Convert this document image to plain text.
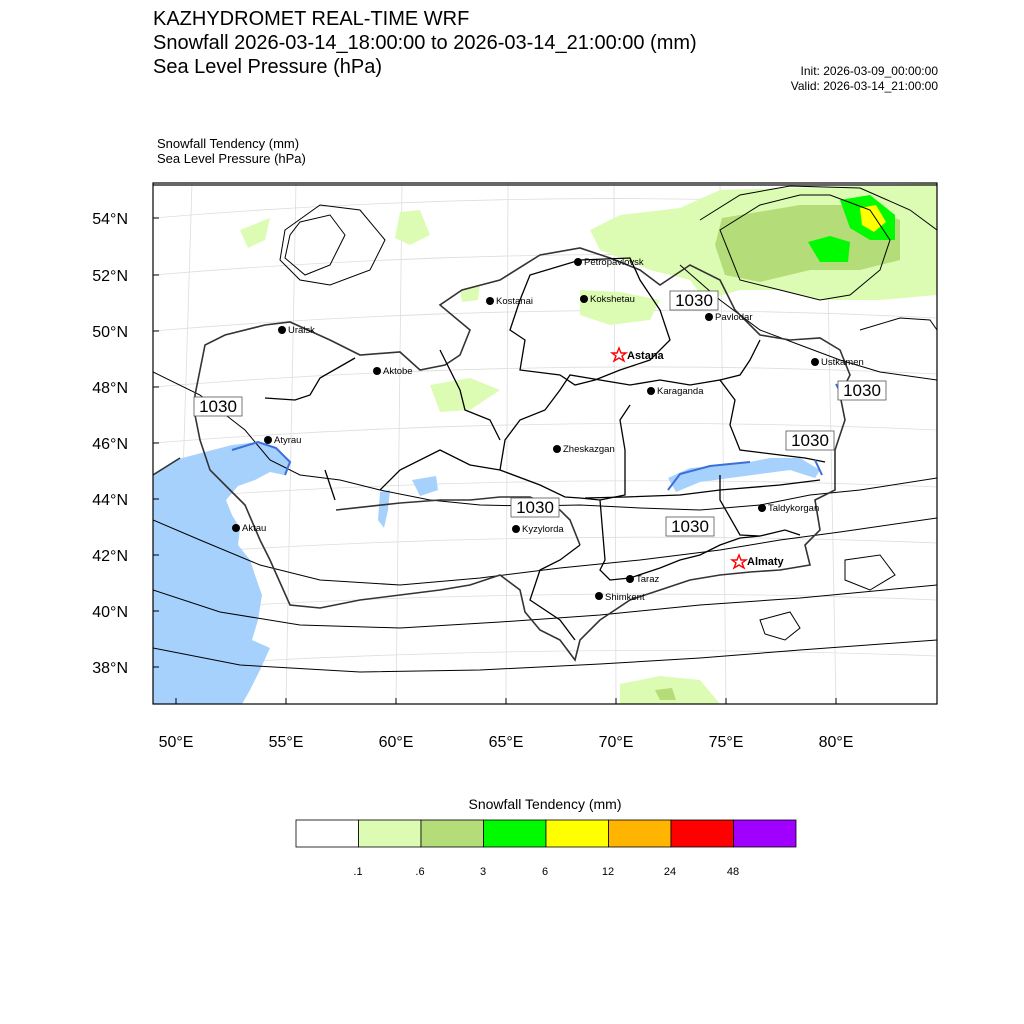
KAZHYDROMET REAL-TIME WRF
Snowfall 2026-03-14_18:00:00 to 2026-03-14_21:00:00 (mm)
Sea Level Pressure (hPa)	Init: 2026-03-09_00:00:00
Valid: 2026-03-14_21:00:00
Snowfall Tendency (mm)
Sea Level Pressure (hPa)
54°N
52°N
50°N
48°N
46°N
44°N
42°N
40°N
38°N
50°E	55°E	60°E	65°E	70°E	75°E	80°E
1030
1030
1030
1030
1030
1030
Petropavlovsk
Kostanai	Kokshetau
Pavlodar
Uralsk
Aktobe
Astana
Ustkamen
Karaganda
Atyrau
Zheskazgan
Aktau	Kyzylorda
Taldykorgan
Almaty
Taraz
Shimkent
Snowfall Tendency (mm)
.1	.6	3	6	12	24	48
